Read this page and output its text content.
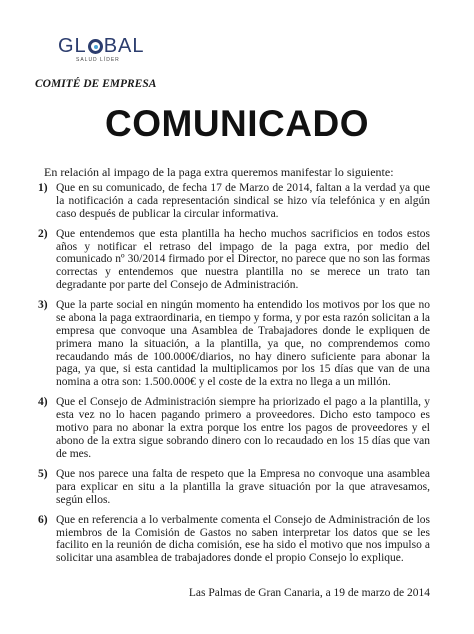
GL BAL
SALUD LÍDER
COMITÉ DE EMPRESA
COMUNICADO
En relación al impago de la paga extra queremos manifestar lo siguiente:
1) Que en su comunicado, de fecha 17 de Marzo de 2014, faltan a la verdad ya que la notificación a cada representación sindical se hizo vía telefónica y en algún caso después de publicar la circular informativa.
2) Que entendemos que esta plantilla ha hecho muchos sacrificios en todos estos años y notificar el retraso del impago de la paga extra, por medio del comunicado nº 30/2014 firmado por el Director, no parece que no son las formas correctas y entendemos que nuestra plantilla no se merece un trato tan degradante por parte del Consejo de Administración.
3) Que la parte social en ningún momento ha entendido los motivos por los que no se abona la paga extraordinaria, en tiempo y forma, y por esta razón solicitan a la empresa que convoque una Asamblea de Trabajadores donde le expliquen de primera mano la situación, a la plantilla, ya que, no comprendemos como recaudando más de 100.000€/diarios, no hay dinero suficiente para abonar la paga, ya que, si esta cantidad la multiplicamos por los 15 días que van de una nomina a otra son: 1.500.000€ y el coste de la extra no llega a un millón.
4) Que el Consejo de Administración siempre ha priorizado el pago a la plantilla, y esta vez no lo hacen pagando primero a proveedores. Dicho esto tampoco es motivo para no abonar la extra porque los entre los pagos de proveedores y el abono de la extra sigue sobrando dinero con lo recaudado en los 15 días que van de mes.
5) Que nos parece una falta de respeto que la Empresa no convoque una asamblea para explicar en situ a la plantilla la grave situación por la que atravesamos, según ellos.
6) Que en referencia a lo verbalmente comenta el Consejo de Administración de los miembros de la Comisión de Gastos no saben interpretar los datos que se les facilito en la reunión de dicha comisión, ese ha sido el motivo que nos impulso a solicitar una asamblea de trabajadores donde el propio Consejo lo explique.
Las Palmas de Gran Canaria, a 19 de marzo de 2014
